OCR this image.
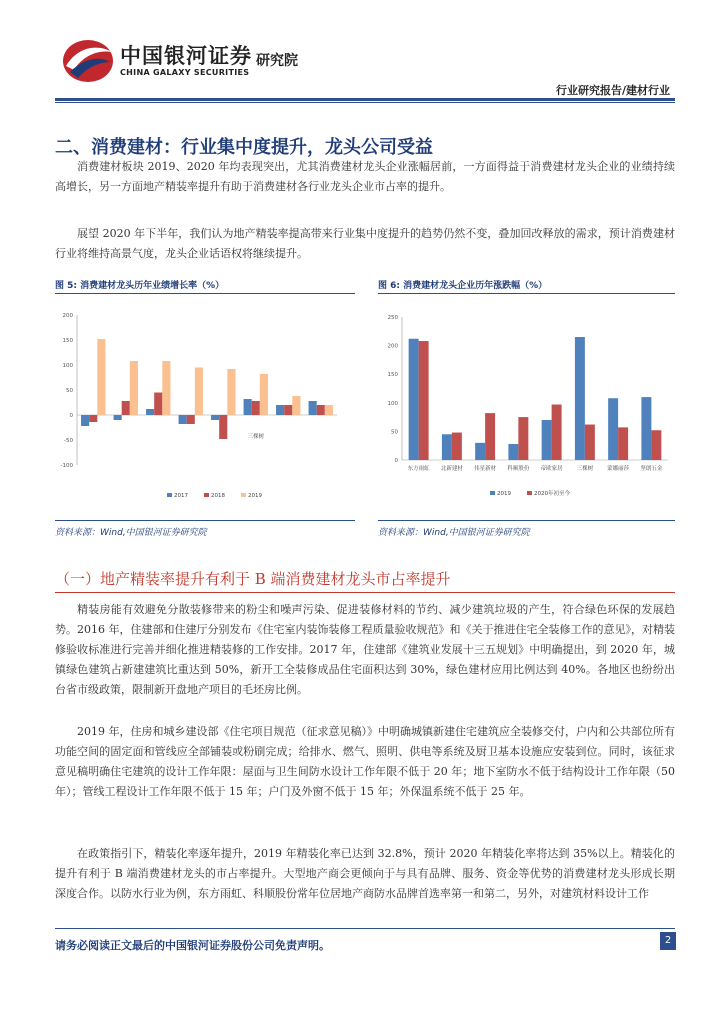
中国银河证券
CHINA GALAXY SECURITIES
研究院
行业研究报告/建材行业
二、消费建材：行业集中度提升，龙头公司受益
消费建材板块 2019、2020 年均表现突出，尤其消费建材龙头企业涨幅居前，一方面得益于消费建材龙头企业的业绩持续高增长，另一方面地产精装率提升有助于消费建材各行业龙头企业市占率的提升。
展望 2020 年下半年，我们认为地产精装率提高带来行业集中度提升的趋势仍然不变，叠加回改释放的需求，预计消费建材行业将维持高景气度，龙头企业话语权将继续提升。
图 5: 消费建材龙头历年业绩增长率（%）
-100
-50
0
50
100
150
200
三棵树
2017	2018	2019
资料来源：Wind,中国银河证券研究院
图 6: 消费建材龙头企业历年涨跌幅（%）
0
50
100
150
200
250
东方雨虹 北新建材 伟星新材 科顺股份 帝欧家居	三棵树	蒙娜丽莎 坚朗五金
2019	2020年初至今
资料来源：Wind,中国银河证券研究院
（一）地产精装率提升有利于 B 端消费建材龙头市占率提升
精装房能有效避免分散装修带来的粉尘和噪声污染、促进装修材料的节约、减少建筑垃圾的产生，符合绿色环保的发展趋势。2016 年，住建部和住建厅分别发布《住宅室内装饰装修工程质量验收规范》和《关于推进住宅全装修工作的意见》，对精装修验收标准进行完善并细化推进精装修的工作安排。2017 年，住建部《建筑业发展十三五规划》中明确提出，到 2020 年，城镇绿色建筑占新建建筑比重达到 50%，新开工全装修成品住宅面积达到 30%，绿色建材应用比例达到 40%。各地区也纷纷出台省市级政策，限制新开盘地产项目的毛坯房比例。
2019 年，住房和城乡建设部《住宅项目规范（征求意见稿）》中明确城镇新建住宅建筑应全装修交付，户内和公共部位所有功能空间的固定面和管线应全部铺装或粉刷完成；给排水、燃气、照明、供电等系统及厨卫基本设施应安装到位。同时，该征求意见稿明确住宅建筑的设计工作年限：屋面与卫生间防水设计工作年限不低于 20 年；地下室防水不低于结构设计工作年限（50 年）；管线工程设计工作年限不低于 15 年；户门及外窗不低于 15 年；外保温系统不低于 25 年。
在政策指引下，精装化率逐年提升，2019 年精装化率已达到 32.8%，预计 2020 年精装化率将达到 35%以上。精装化的提升有利于 B 端消费建材龙头的市占率提升。大型地产商会更倾向于与具有品牌、服务、资金等优势的消费建材龙头形成长期深度合作。以防水行业为例，东方雨虹、科顺股份常年位居地产商防水品牌首选率第一和第二，另外，对建筑材料设计工作
请务必阅读正文最后的中国银河证券股份公司免责声明。	2
